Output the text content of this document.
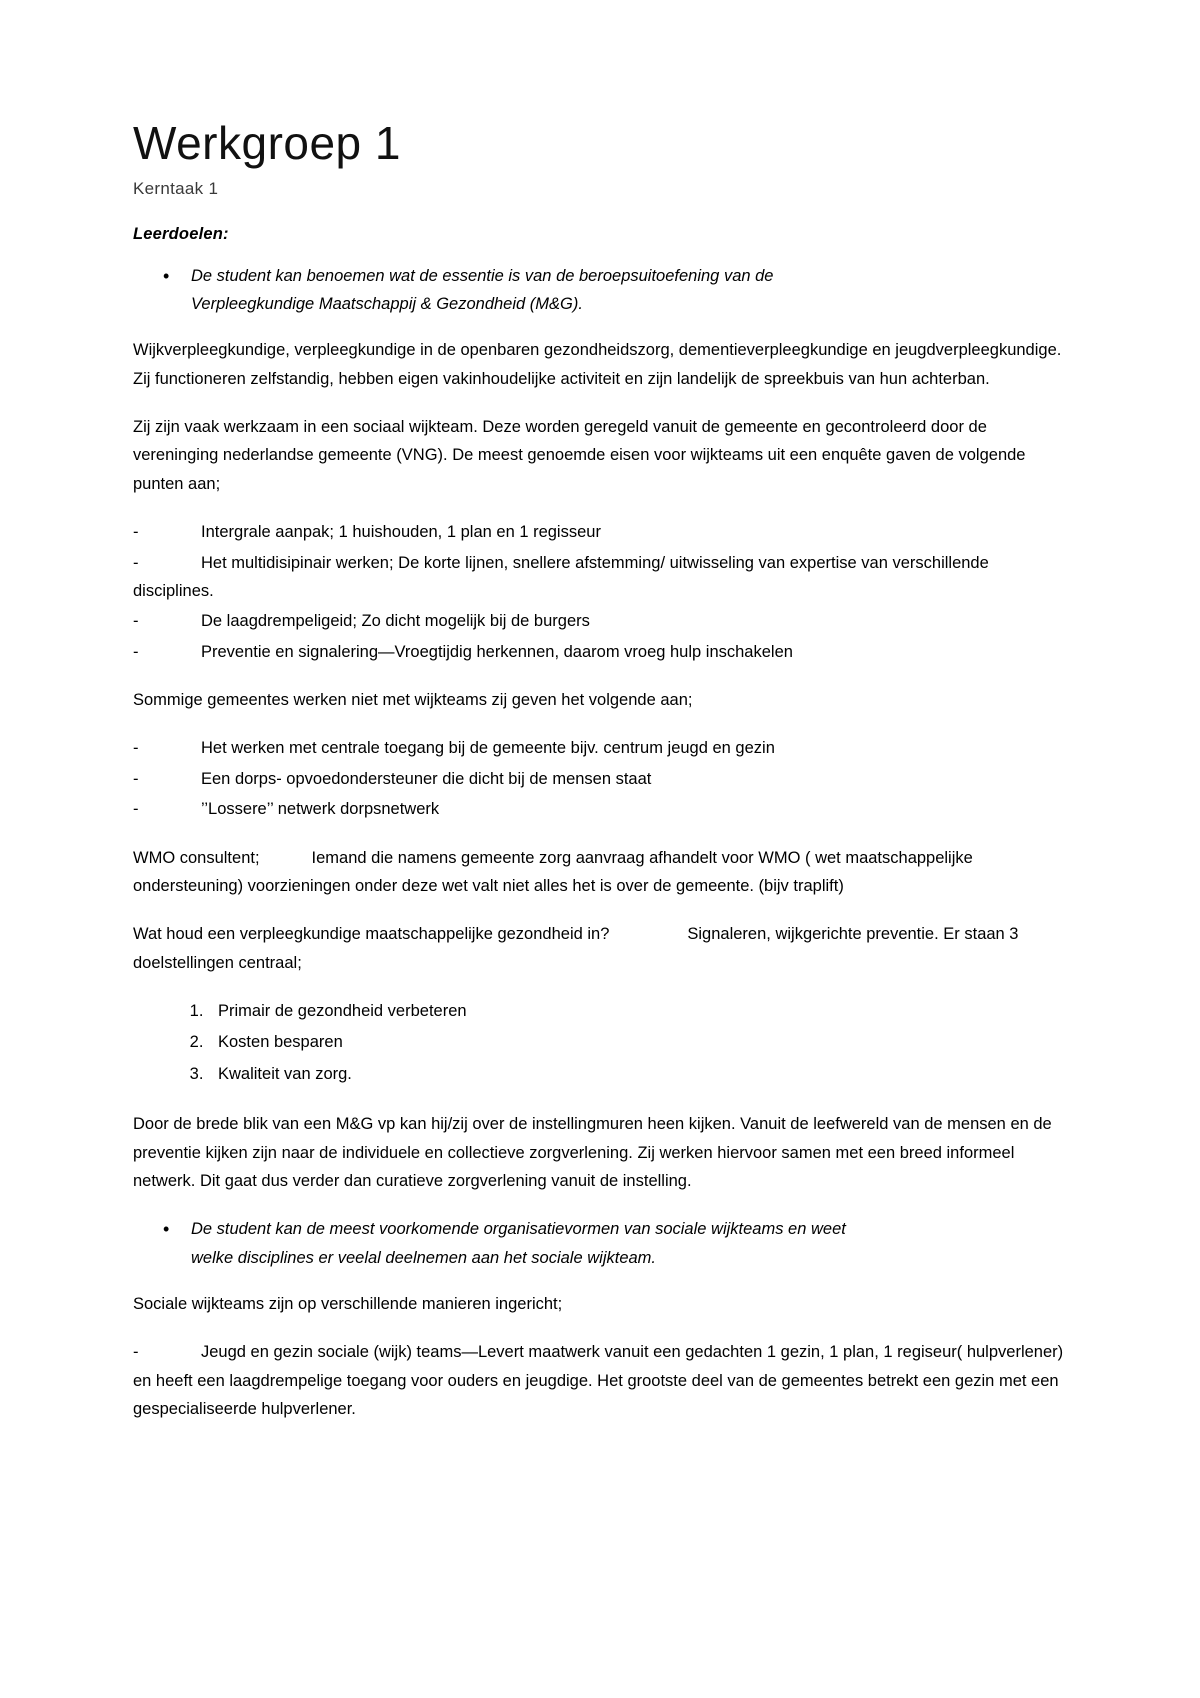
Werkgroep 1
Kerntaak 1
Leerdoelen:
• De student kan benoemen wat de essentie is van de beroepsuitoefening van de
Verpleegkundige Maatschappij & Gezondheid (M&G).

Wijkverpleegkundige, verpleegkundige in de openbaren gezondheidszorg, dementieverpleegkundige en jeugdverpleegkundige. Zij functioneren zelfstandig, hebben eigen vakinhoudelijke activiteit en zijn landelijk de spreekbuis van hun achterban.

Zij zijn vaak werkzaam in een sociaal wijkteam. Deze worden geregeld vanuit de gemeente en gecontroleerd door de vereninging nederlandse gemeente (VNG). De meest genoemde eisen voor wijkteams uit een enquête gaven de volgende punten aan;

-	Intergrale aanpak; 1 huishouden, 1 plan en 1 regisseur
-	Het multidisipinair werken; De korte lijnen, snellere afstemming/ uitwisseling van expertise van verschillende disciplines.
-	De laagdrempeligeid; Zo dicht mogelijk bij de burgers
-	Preventie en signalering—Vroegtijdig herkennen, daarom vroeg hulp inschakelen

Sommige gemeentes werken niet met wijkteams zij geven het volgende aan;

-	Het werken met centrale toegang bij de gemeente bijv. centrum jeugd en gezin
-	Een dorps- opvoedondersteuner die dicht bij de mensen staat
-	’’Lossere’’ netwerk dorpsnetwerk

WMO consultent;	Iemand die namens gemeente zorg aanvraag afhandelt voor WMO ( wet maatschappelijke ondersteuning) voorzieningen onder deze wet valt niet alles het is over de gemeente. (bijv traplift)

Wat houd een verpleegkundige maatschappelijke gezondheid in?	Signaleren, wijkgerichte preventie. Er staan 3 doelstellingen centraal;

1. Primair de gezondheid verbeteren
2. Kosten besparen
3. Kwaliteit van zorg.

Door de brede blik van een M&G vp kan hij/zij over de instellingmuren heen kijken. Vanuit de leefwereld van de mensen en de preventie kijken zijn naar de individuele en collectieve zorgverlening. Zij werken hiervoor samen met een breed informeel netwerk. Dit gaat dus verder dan curatieve zorgverlening vanuit de instelling.

• De student kan de meest voorkomende organisatievormen van sociale wijkteams en weet
welke disciplines er veelal deelnemen aan het sociale wijkteam.

Sociale wijkteams zijn op verschillende manieren ingericht;

-	Jeugd en gezin sociale (wijk) teams—Levert maatwerk vanuit een gedachten 1 gezin, 1 plan, 1 regiseur( hulpverlener) en heeft een laagdrempelige toegang voor ouders en jeugdige. Het grootste deel van de gemeentes betrekt een gezin met een gespecialiseerde hulpverlener.
